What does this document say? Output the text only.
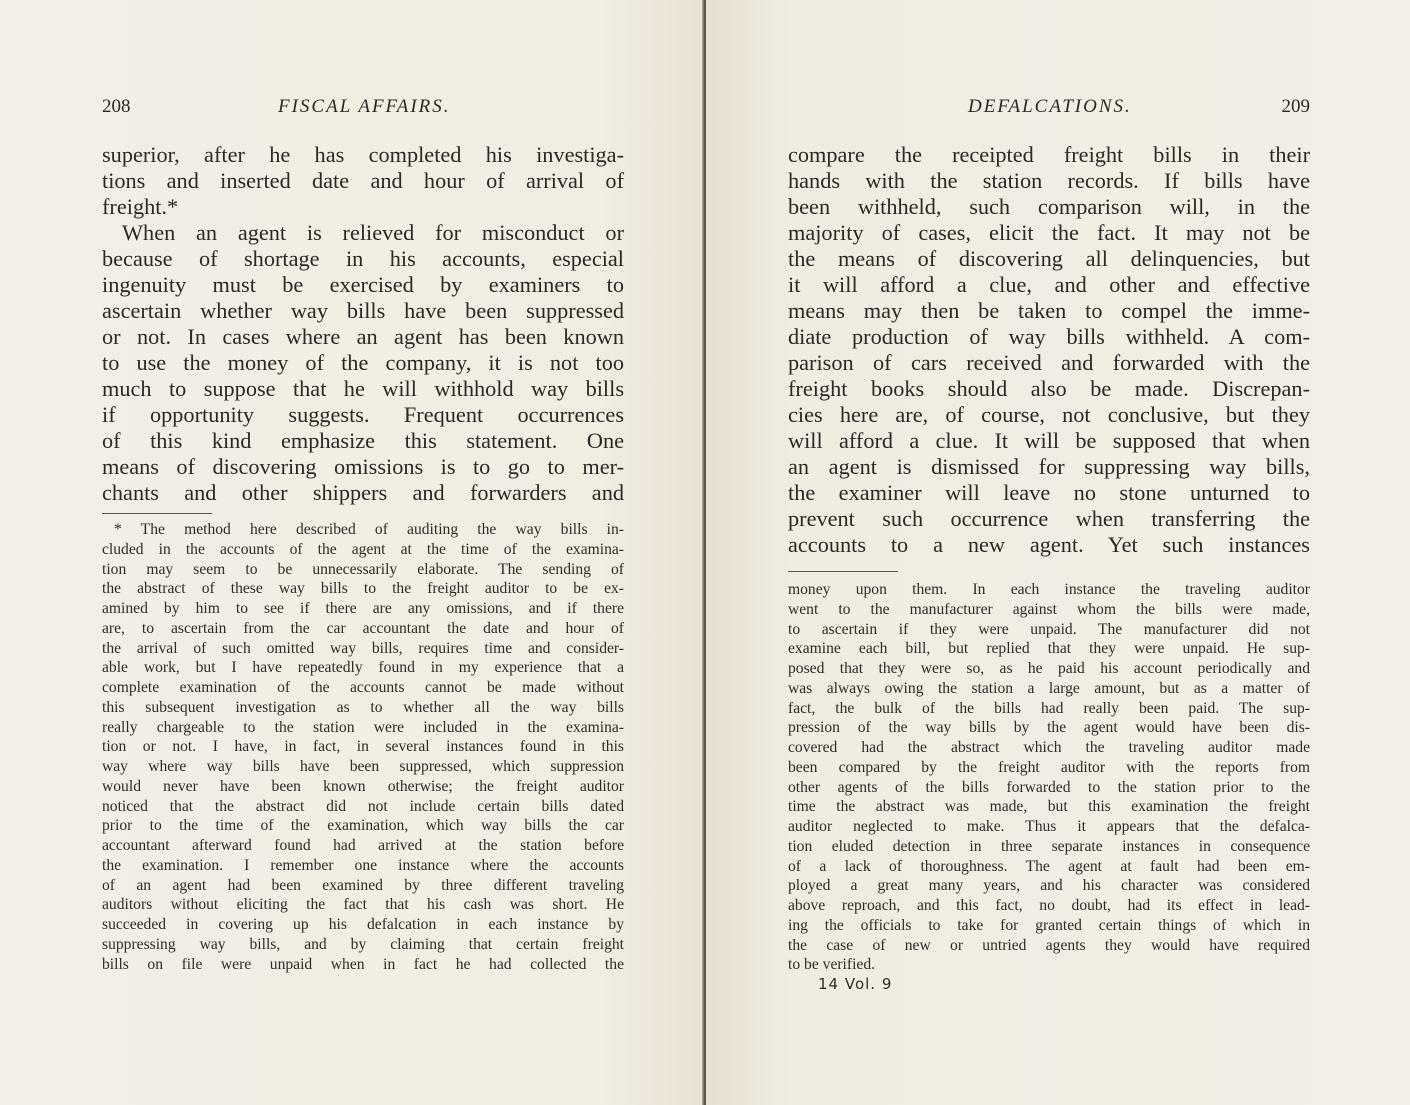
208	FISCAL AFFAIRS.

superior, after he has completed his investiga-

tions and inserted date and hour of arrival of

freight.*

When an agent is relieved for misconduct or

because of shortage in his accounts, especial

ingenuity must be exercised by examiners to

ascertain whether way bills have been suppressed

or not. In cases where an agent has been known

to use the money of the company, it is not too

much to suppose that he will withhold way bills

if opportunity suggests. Frequent occurrences

of this kind emphasize this statement. One

means of discovering omissions is to go to mer-

chants and other shippers and forwarders and

* The method here described of auditing the way bills in-

cluded in the accounts of the agent at the time of the examina-

tion may seem to be unnecessarily elaborate. The sending of

the abstract of these way bills to the freight auditor to be ex-

amined by him to see if there are any omissions, and if there

are, to ascertain from the car accountant the date and hour of

the arrival of such omitted way bills, requires time and consider-

able work, but I have repeatedly found in my experience that a

complete examination of the accounts cannot be made without

this subsequent investigation as to whether all the way bills

really chargeable to the station were included in the examina-

tion or not. I have, in fact, in several instances found in this

way where way bills have been suppressed, which suppression

would never have been known otherwise; the freight auditor

noticed that the abstract did not include certain bills dated

prior to the time of the examination, which way bills the car

accountant afterward found had arrived at the station before

the examination. I remember one instance where the accounts

of an agent had been examined by three different traveling

auditors without eliciting the fact that his cash was short. He

succeeded in covering up his defalcation in each instance by

suppressing way bills, and by claiming that certain freight

bills on file were unpaid when in fact he had collected the

DEFALCATIONS.	209

compare the receipted freight bills in their

hands with the station records. If bills have

been withheld, such comparison will, in the

majority of cases, elicit the fact. It may not be

the means of discovering all delinquencies, but

it will afford a clue, and other and effective

means may then be taken to compel the imme-

diate production of way bills withheld. A com-

parison of cars received and forwarded with the

freight books should also be made. Discrepan-

cies here are, of course, not conclusive, but they

will afford a clue. It will be supposed that when

an agent is dismissed for suppressing way bills,

the examiner will leave no stone unturned to

prevent such occurrence when transferring the

accounts to a new agent. Yet such instances

money upon them. In each instance the traveling auditor

went to the manufacturer against whom the bills were made,

to ascertain if they were unpaid. The manufacturer did not

examine each bill, but replied that they were unpaid. He sup-

posed that they were so, as he paid his account periodically and

was always owing the station a large amount, but as a matter of

fact, the bulk of the bills had really been paid. The sup-

pression of the way bills by the agent would have been dis-

covered had the abstract which the traveling auditor made

been compared by the freight auditor with the reports from

other agents of the bills forwarded to the station prior to the

time the abstract was made, but this examination the freight

auditor neglected to make. Thus it appears that the defalca-

tion eluded detection in three separate instances in consequence

of a lack of thoroughness. The agent at fault had been em-

ployed a great many years, and his character was considered

above reproach, and this fact, no doubt, had its effect in lead-

ing the officials to take for granted certain things of which in

the case of new or untried agents they would have required

to be verified.

14 Vol. 9
